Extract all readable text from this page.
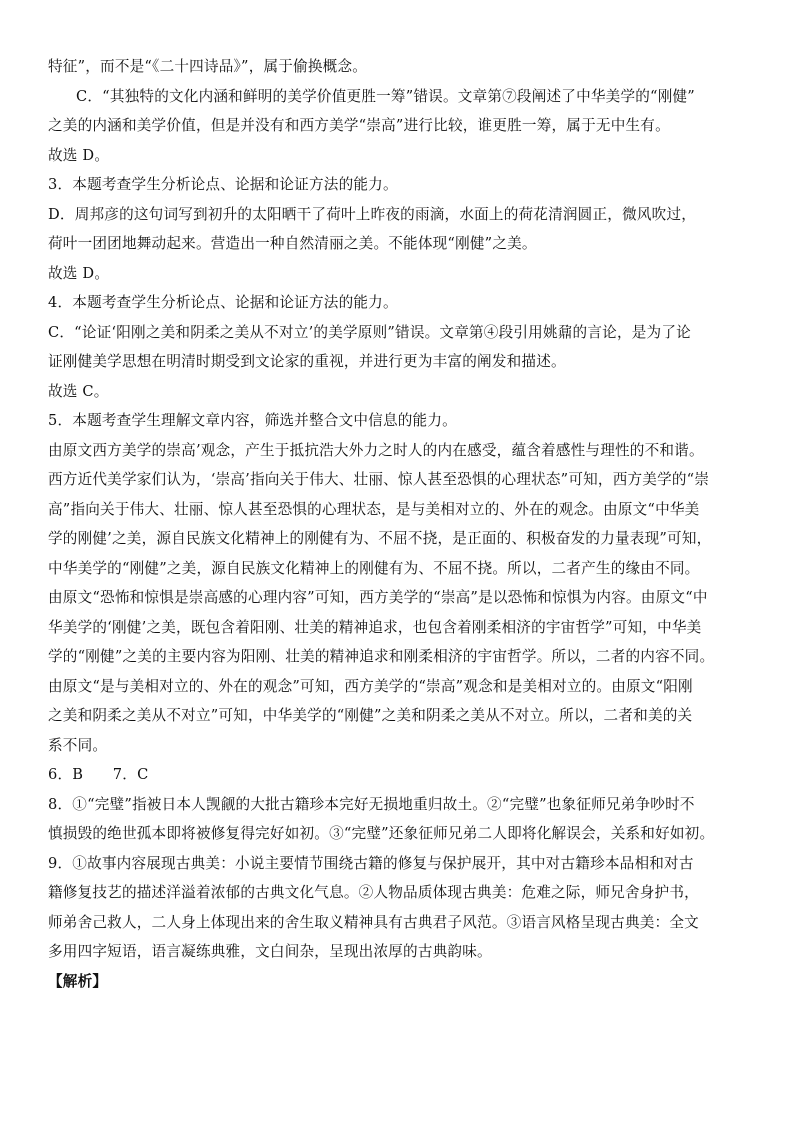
特征”，而不是“《二十四诗品》”，属于偷换概念。
C．“其独特的文化内涵和鲜明的美学价值更胜一筹”错误。文章第⑦段阐述了中华美学的“刚健”
之美的内涵和美学价值，但是并没有和西方美学“崇高”进行比较，谁更胜一筹，属于无中生有。
故选 D。
3．本题考查学生分析论点、论据和论证方法的能力。
D．周邦彦的这句词写到初升的太阳晒干了荷叶上昨夜的雨滴，水面上的荷花清润圆正，微风吹过，
荷叶一团团地舞动起来。营造出一种自然清丽之美。不能体现“刚健”之美。
故选 D。
4．本题考查学生分析论点、论据和论证方法的能力。
C．“论证‘阳刚之美和阴柔之美从不对立’的美学原则”错误。文章第④段引用姚鼐的言论，是为了论
证刚健美学思想在明清时期受到文论家的重视，并进行更为丰富的阐发和描述。
故选 C。
5．本题考查学生理解文章内容，筛选并整合文中信息的能力。
由原文西方美学的崇高’观念，产生于抵抗浩大外力之时人的内在感受，蕴含着感性与理性的不和谐。
西方近代美学家们认为，‘崇高’指向关于伟大、壮丽、惊人甚至恐惧的心理状态”可知，西方美学的“崇
高”指向关于伟大、壮丽、惊人甚至恐惧的心理状态，是与美相对立的、外在的观念。由原文“中华美
学的刚健’之美，源自民族文化精神上的刚健有为、不屈不挠，是正面的、积极奋发的力量表现”可知，
中华美学的“刚健”之美，源自民族文化精神上的刚健有为、不屈不挠。所以，二者产生的缘由不同。
由原文“恐怖和惊惧是崇高感的心理内容”可知，西方美学的“崇高”是以恐怖和惊惧为内容。由原文“中
华美学的‘刚健’之美，既包含着阳刚、壮美的精神追求，也包含着刚柔相济的宇宙哲学”可知，中华美
学的“刚健”之美的主要内容为阳刚、壮美的精神追求和刚柔相济的宇宙哲学。所以，二者的内容不同。
由原文“是与美相对立的、外在的观念”可知，西方美学的“崇高”观念和是美相对立的。由原文“阳刚
之美和阴柔之美从不对立”可知，中华美学的“刚健”之美和阴柔之美从不对立。所以，二者和美的关
系不同。
6．B　　7．C
8．①“完璧”指被日本人觊觎的大批古籍珍本完好无损地重归故土。②“完璧”也象征师兄弟争吵时不
慎损毁的绝世孤本即将被修复得完好如初。③“完璧”还象征师兄弟二人即将化解误会，关系和好如初。
9．①故事内容展现古典美：小说主要情节围绕古籍的修复与保护展开，其中对古籍珍本品相和对古
籍修复技艺的描述洋溢着浓郁的古典文化气息。②人物品质体现古典美：危难之际，师兄舍身护书，
师弟舍己救人，二人身上体现出来的舍生取义精神具有古典君子风范。③语言风格呈现古典美：全文
多用四字短语，语言凝练典雅，文白间杂，呈现出浓厚的古典韵味。
【解析】
